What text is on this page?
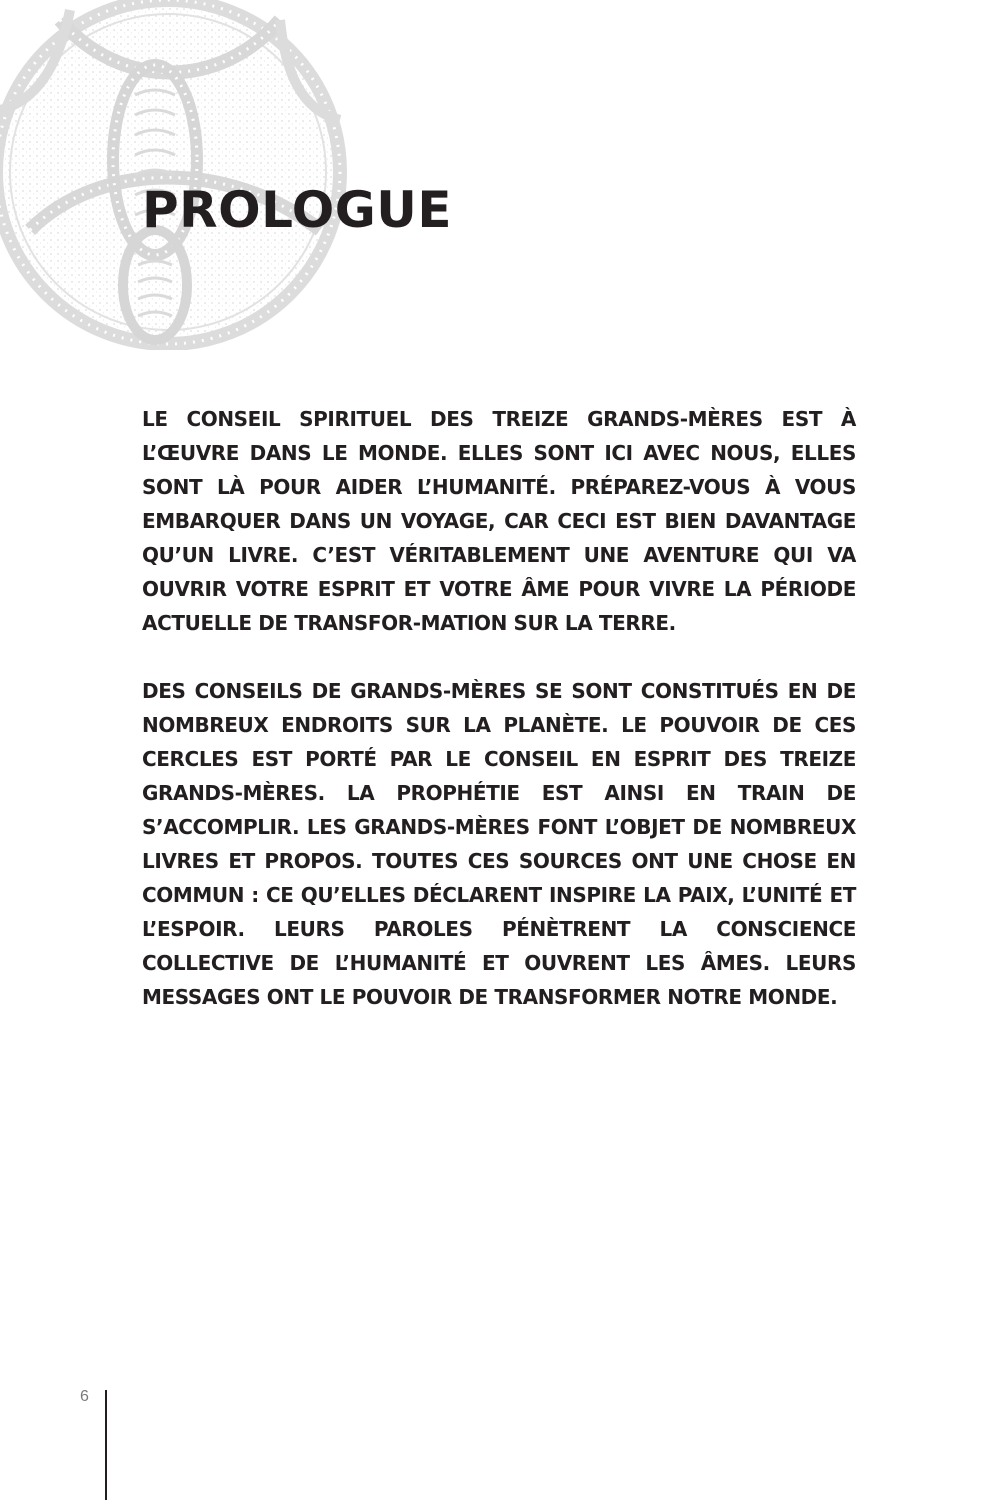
PROLOGUE

LE CONSEIL SPIRITUEL DES TREIZE GRANDS-MÈRES EST À L’ŒUVRE DANS LE MONDE. ELLES SONT ICI AVEC NOUS, ELLES SONT LÀ POUR AIDER L’HUMANITÉ. PRÉPAREZ-VOUS À VOUS EMBARQUER DANS UN VOYAGE, CAR CECI EST BIEN DAVANTAGE QU’UN LIVRE. C’EST VÉRITABLEMENT UNE AVENTURE QUI VA OUVRIR VOTRE ESPRIT ET VOTRE ÂME POUR VIVRE LA PÉRIODE ACTUELLE DE TRANSFOR-MATION SUR LA TERRE.

DES CONSEILS DE GRANDS-MÈRES SE SONT CONSTITUÉS EN DE NOMBREUX ENDROITS SUR LA PLANÈTE. LE POUVOIR DE CES CERCLES EST PORTÉ PAR LE CONSEIL EN ESPRIT DES TREIZE GRANDS-MÈRES. LA PROPHÉTIE EST AINSI EN TRAIN DE S’ACCOMPLIR. LES GRANDS-MÈRES FONT L’OBJET DE NOMBREUX LIVRES ET PROPOS. TOUTES CES SOURCES ONT UNE CHOSE EN COMMUN : CE QU’ELLES DÉCLARENT INSPIRE LA PAIX, L’UNITÉ ET L’ESPOIR. LEURS PAROLES PÉNÈTRENT LA CONSCIENCE COLLECTIVE DE L’HUMANITÉ ET OUVRENT LES ÂMES. LEURS MESSAGES ONT LE POUVOIR DE TRANSFORMER NOTRE MONDE.

6
